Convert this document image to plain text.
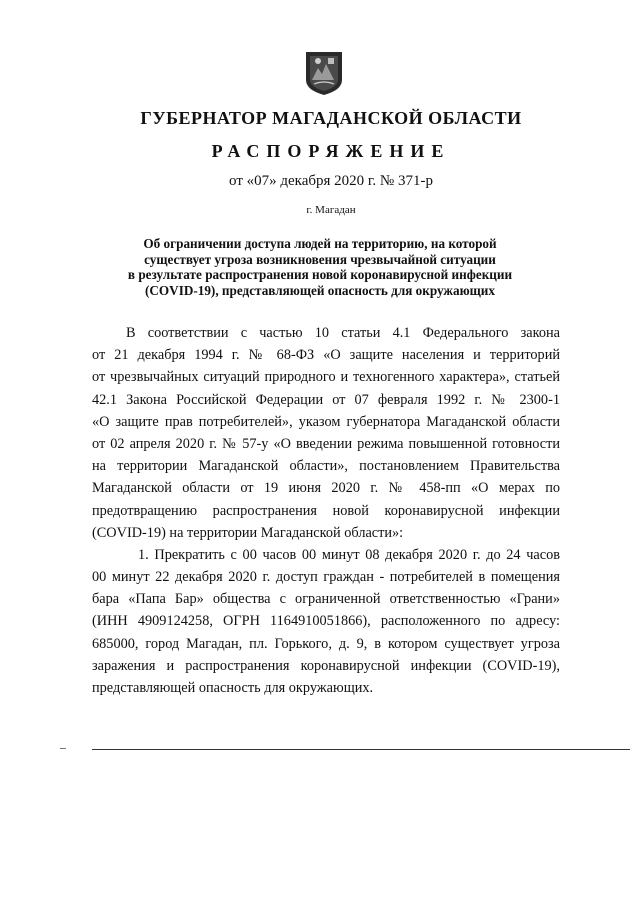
ГУБЕРНАТОР МАГАДАНСКОЙ ОБЛАСТИ
РАСПОРЯЖЕНИЕ
от «07» декабря 2020 г. № 371-р
г. Магадан
Об ограничении доступа людей на территорию, на которой
существует угроза возникновения чрезвычайной ситуации
в результате распространения новой коронавирусной инфекции
(COVID-19), представляющей опасность для окружающих
В соответствии с частью 10 статьи 4.1 Федерального закона
от 21 декабря 1994 г. № 68-ФЗ «О защите населения и территорий
от чрезвычайных ситуаций природного и техногенного характера», статьей
42.1 Закона Российской Федерации от 07 февраля 1992 г. № 2300-1
«О защите прав потребителей», указом губернатора Магаданской области
от 02 апреля 2020 г. № 57-у «О введении режима повышенной готовности
на территории Магаданской области», постановлением Правительства
Магаданской области от 19 июня 2020 г. № 458-пп «О мерах по
предотвращению распространения новой коронавирусной инфекции
(COVID-19) на территории Магаданской области»:
1. Прекратить с 00 часов 00 минут 08 декабря 2020 г. до 24 часов
00 минут 22 декабря 2020 г. доступ граждан - потребителей в помещения
бара «Папа Бар» общества с ограниченной ответственностью «Грани»
(ИНН 4909124258, ОГРН 1164910051866), расположенного по адресу:
685000, город Магадан, пл. Горького, д. 9, в котором существует угроза
заражения и распространения коронавирусной инфекции (COVID-19),
представляющей опасность для окружающих.
